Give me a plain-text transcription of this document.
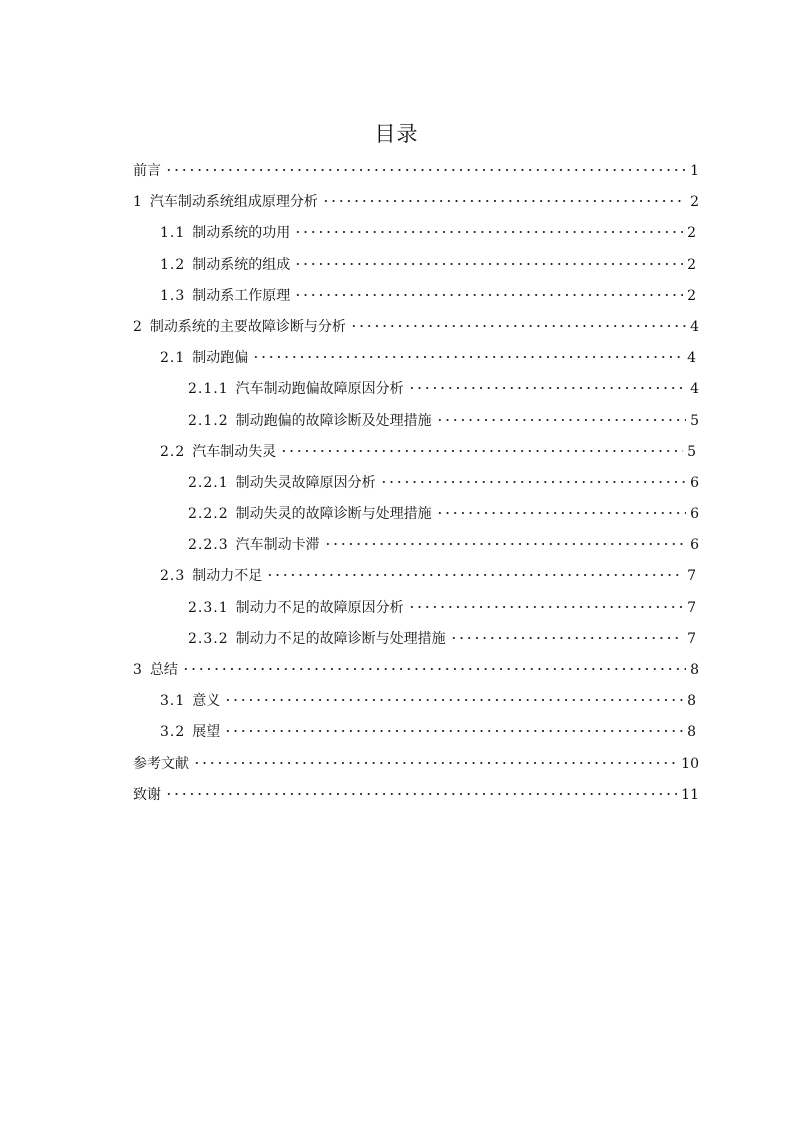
目录
前言	1
1 汽车制动系统组成原理分析	2
1.1 制动系统的功用	2
1.2 制动系统的组成	2
1.3 制动系工作原理	2
2 制动系统的主要故障诊断与分析	4
2.1 制动跑偏	4
2.1.1 汽车制动跑偏故障原因分析	4
2.1.2 制动跑偏的故障诊断及处理措施	5
2.2 汽车制动失灵	5
2.2.1 制动失灵故障原因分析	6
2.2.2 制动失灵的故障诊断与处理措施	6
2.2.3 汽车制动卡滞	6
2.3 制动力不足	7
2.3.1 制动力不足的故障原因分析	7
2.3.2 制动力不足的故障诊断与处理措施	7
3 总结	8
3.1 意义	8
3.2 展望	8
参考文献	10
致谢	11
